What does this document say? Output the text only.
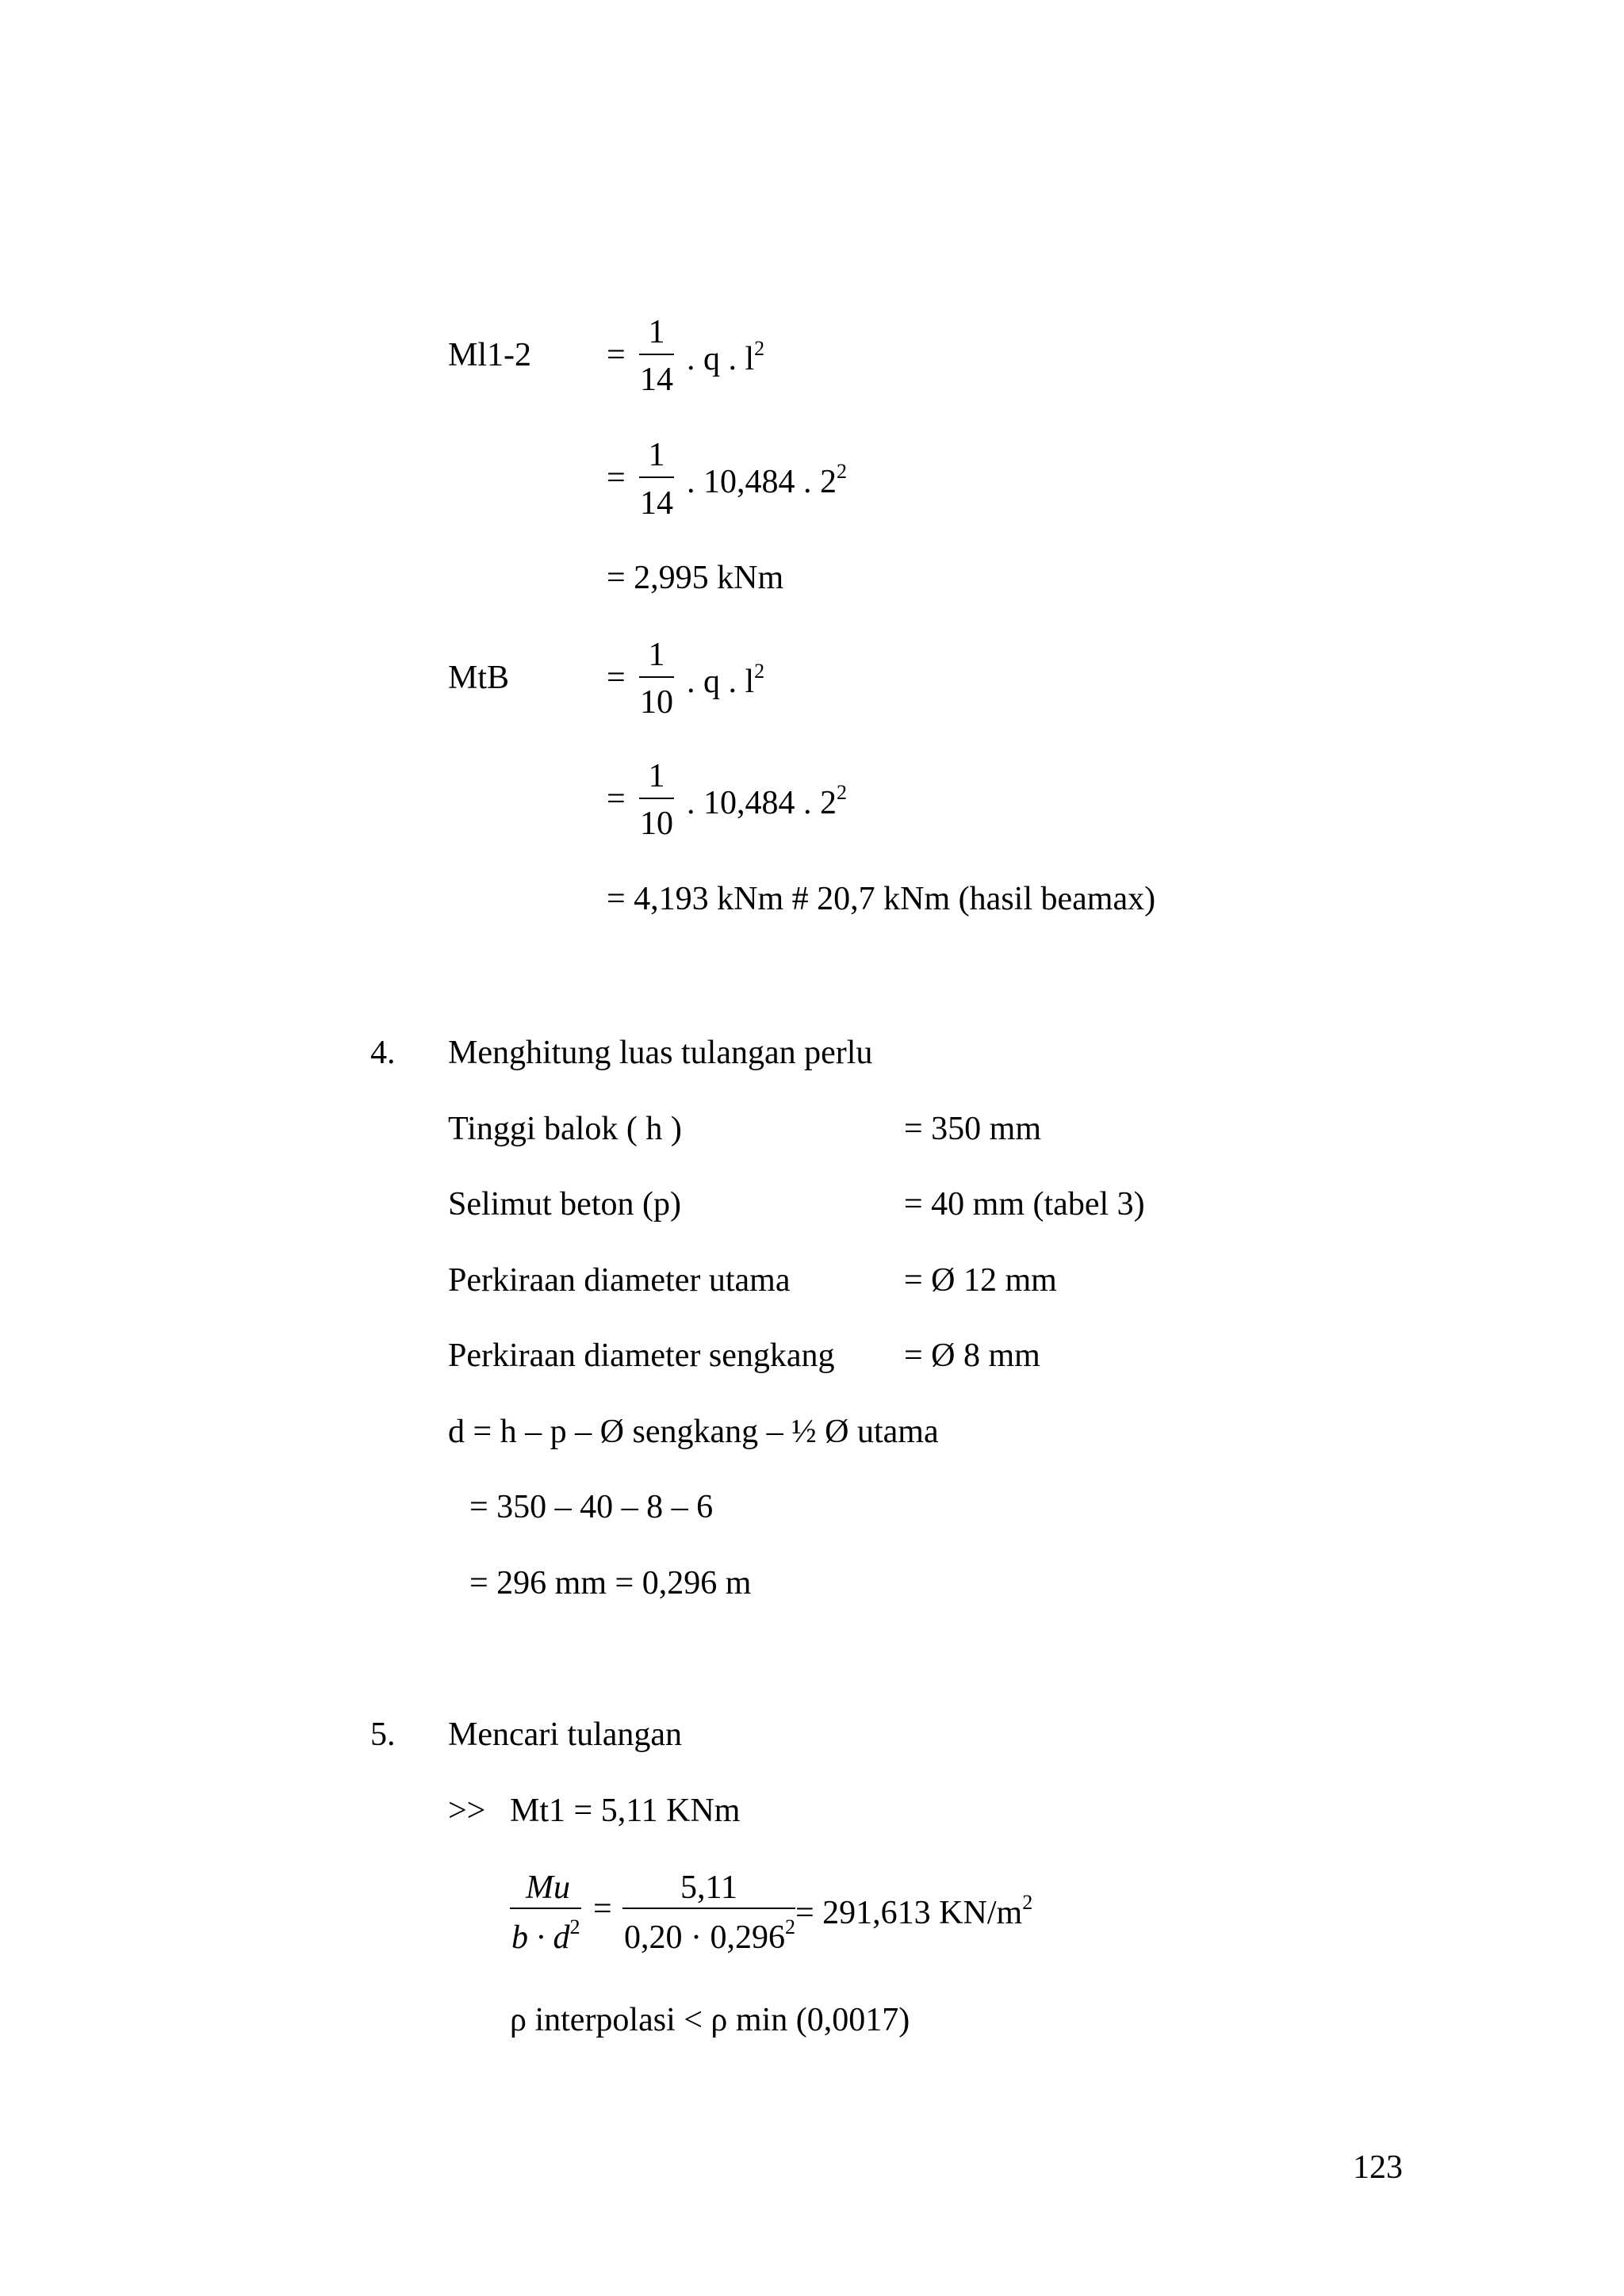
Ml1-2 =
1
14
. q . $l^2$
=
1
14
. 10,484 . $2^2$
= 2,995 kNm
MtB	=
1
10
. q . $l^2$
=
1
10
. 10,484 . $2^2$
= 4,193 kNm # 20,7 kNm (hasil beamax)
4. Menghitung luas tulangan perlu
Tinggi balok ( h )	= 350 mm
Selimut beton (p)	= 40 mm (tabel 3)
Perkiraan diameter utama	= Ø 12 mm
Perkiraan diameter sengkang = Ø 8 mm
d = h – p – Ø sengkang – ½ Ø utama
= 350 – 40 – 8 – 6
= 296 mm = 0,296 m
5. Mencari tulangan
>> Mt1 = 5,11 KNm
Mu
$b \cdot d^2$ =
5,11
$0,20 \cdot 0,296^2 = 291,613$ $KN/m^2$
ρ interpolasi < ρ min (0,0017)
123
